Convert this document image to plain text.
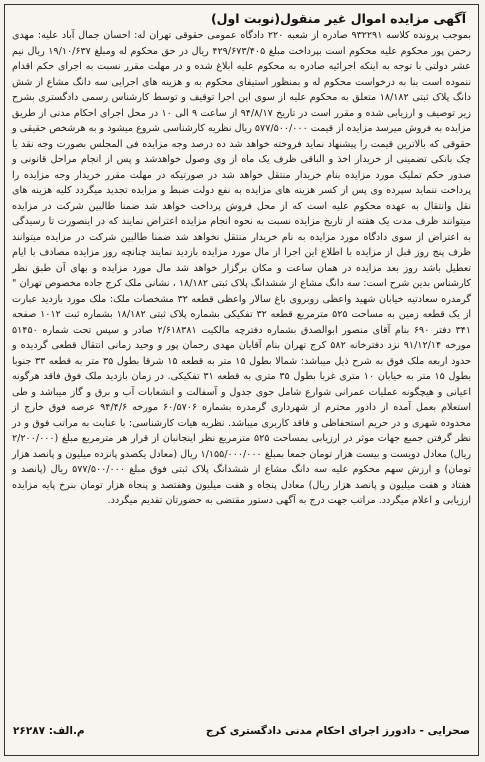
آگهی مزایده اموال غیر منقول(نوبت اول)
بموجب پرونده کلاسه ۹۳۲۲۹۱ صادره از شعبه ۲۲۰ دادگاه عمومی حقوقی تهران له: احسان جمال آباد علیه: مهدی رحمن پور محکوم علیه محکوم است بپرداخت مبلغ ۴۲۹/۶۷۳/۴۰۵ ریال در حق محکوم له ومبلغ ۱۹/۱۰/۶۳۷ ریال نیم عشر دولتی با توجه به اینکه اجرائیه صادره به محکوم علیه ابلاغ شده و در مهلت مقرر نسبت به اجرای حکم اقدام ننموده است بنا به درخواست محکوم له و بمنظور استیفای محکوم به و هزینه های اجرایی سه دانگ مشاع از شش دانگ پلاک ثبتی ۱۸/۱۸۲ متعلق به محکوم علیه از سوی این اجرا توقیف و توسط کارشناس رسمی دادگستری بشرح زیر توصیف و ارزیابی شده و مقرر است در تاریخ ۹۴/۸/۱۷ از ساعت ۹ الی ۱۰ در محل اجرای احکام مدنی از طریق مزایده به فروش میرسد مزایده از قیمت ۵۷۷/۵۰۰/۰۰۰ ریال نظریه کارشناسی شروع میشود و به هرشخص حقیقی و حقوقی که بالاترین قیمت را پیشنهاد نماید فروخته خواهد شد ده درصد وجه مزایده فی المجلس بصورت وجه نقد یا چک بانکی تضمینی از خریدار اخذ و الباقی ظرف یک ماه از وی وصول خواهدشد و پس از انجام مراحل قانونی و صدور حکم تملیک مورد مزایده بنام خریدار منتقل خواهد شد در صورتیکه در مهلت مقرر خریدار وجه مزایده را پرداخت ننماید سپرده وی پس از کسر هزینه های مزایده به نفع دولت ضبط و مزایده تجدید میگردد کلیه هزینه های نقل وانتقال به عهده محکوم علیه است که از محل فروش پرداخت خواهد شد ضمنا طالبین شرکت در مزایده میتوانند ظرف مدت یک هفته از تاریخ مزایده نسبت به نحوه انجام مزایده اعتراض نمایند که در اینصورت تا رسیدگی به اعتراض از سوی دادگاه مورد مزایده به نام خریدار منتقل نخواهد شد ضمنا طالبین شرکت در مزایده میتوانند ظرف پنج روز قبل از مزایده با اطلاع این اجرا از مال مورد مزایده بازدید نمایند چنانچه روز مزایده مصادف با ایام تعطیل باشد روز بعد مزایده در همان ساعت و مکان برگزار خواهد شد مال مورد مزایده و بهای آن طبق نظر کارشناس بدین شرح است: سه دانگ مشاع از ششدانگ پلاک ثبتی ۱۸/۱۸۲ ، نشانی ملک کرج جاده مخصوص تهران " گرمدره سعادتیه خیابان شهید واعظی روبروی باغ سالار واعظی قطعه ۳۲ مشخصات ملک: ملک مورد بازدید عبارت از یک قطعه زمین به مساحت ۵۲۵ مترمربع قطعه ۳۲ تفکیکی بشماره پلاک ثبتی ۱۸/۱۸۲ بشماره ثبت ۱۰۱۲ صفحه ۳۴۱ دفتر ۶۹۰ بنام آقای منصور ابوالصدق بشماره دفترچه مالکیت ۲/۶۱۸۳۸۱ صادر و سپس تحت شماره ۵۱۴۵۰ مورخه ۹۱/۱۲/۱۴ نزد دفترخانه ۵۸۲ کرج تهران بنام آقایان مهدی رحمان پور و وحید زمانی انتقال قطعی گردیده و حدود اربعه ملک فوق به شرح ذیل میباشد: شمالا بطول ۱۵ متر به قطعه ۱۵ شرقا بطول ۳۵ متر به قطعه ۳۳ جنوبا بطول ۱۵ متر به خیابان ۱۰ متری غربا بطول ۳۵ متری به قطعه ۳۱ تفکیکی. در زمان بازدید ملک فوق فاقد هرگونه اعیانی و هیچگونه عملیات عمرانی شوارع شامل جوی جدول و آسفالت و انشعابات آب و برق و گاز میباشد و طی استعلام بعمل آمده از دادور محترم از شهرداری گرمدره بشماره ۶۰/۵۷۰۶ مورخه ۹۴/۴/۶ عرصه فوق خارج از محدوده شهری و در حریم استحفاظی و فاقد کاربری میباشد. نظریه هیات کارشناسی: با عنایت به مراتب فوق و در نظر گرفتن جمیع جهات موثر در ارزیابی بمساحت ۵۲۵ مترمربع نظر اینجانبان از قرار هر مترمربع مبلغ (۲/۲۰۰/۰۰۰ ریال) معادل دویست و بیست هزار تومان جمعا بمبلغ ۱/۱۵۵/۰۰۰/۰۰۰ ریال (معادل یکصدو پانزده میلیون و پانصد هزار تومان) و ارزش سهم محکوم علیه سه دانگ مشاع از ششدانگ پلاک ثبتی فوق مبلغ ۵۷۷/۵۰۰/۰۰۰ ریال (پانصد و هفتاد و هفت میلیون و پانصد هزار ریال) معادل پنجاه و هفت میلیون وهفتصد و پنجاه هزار تومان بنرخ پایه مزایده ارزیابی و اعلام میگردد. مراتب جهت درج به آگهی دستور مقتضی به حضورتان تقدیم میگردد.
م.الف: ۲۶۲۸۷	صحرایی - دادورز اجرای احکام مدنی دادگستری کرج
